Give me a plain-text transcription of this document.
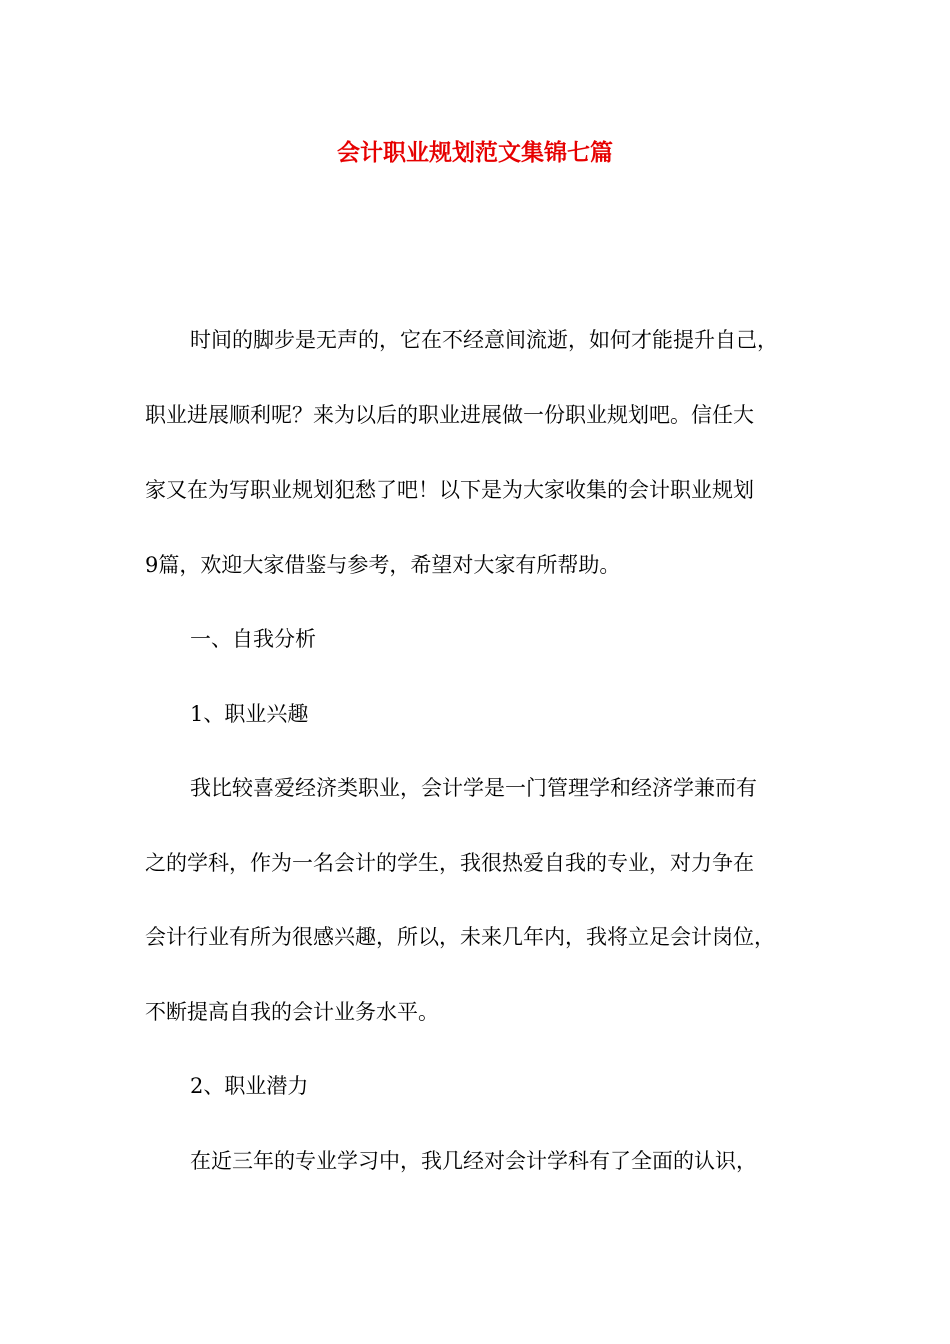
会计职业规划范文集锦七篇

时间的脚步是无声的，它在不经意间流逝，如何才能提升自己，

职业进展顺利呢？来为以后的职业进展做一份职业规划吧。信任大

家又在为写职业规划犯愁了吧！以下是为大家收集的会计职业规划

9篇，欢迎大家借鉴与参考，希望对大家有所帮助。

一、自我分析

1、职业兴趣

我比较喜爱经济类职业，会计学是一门管理学和经济学兼而有

之的学科，作为一名会计的学生，我很热爱自我的专业，对力争在

会计行业有所为很感兴趣，所以，未来几年内，我将立足会计岗位，

不断提高自我的会计业务水平。

2、职业潜力

在近三年的专业学习中，我几经对会计学科有了全面的认识，
